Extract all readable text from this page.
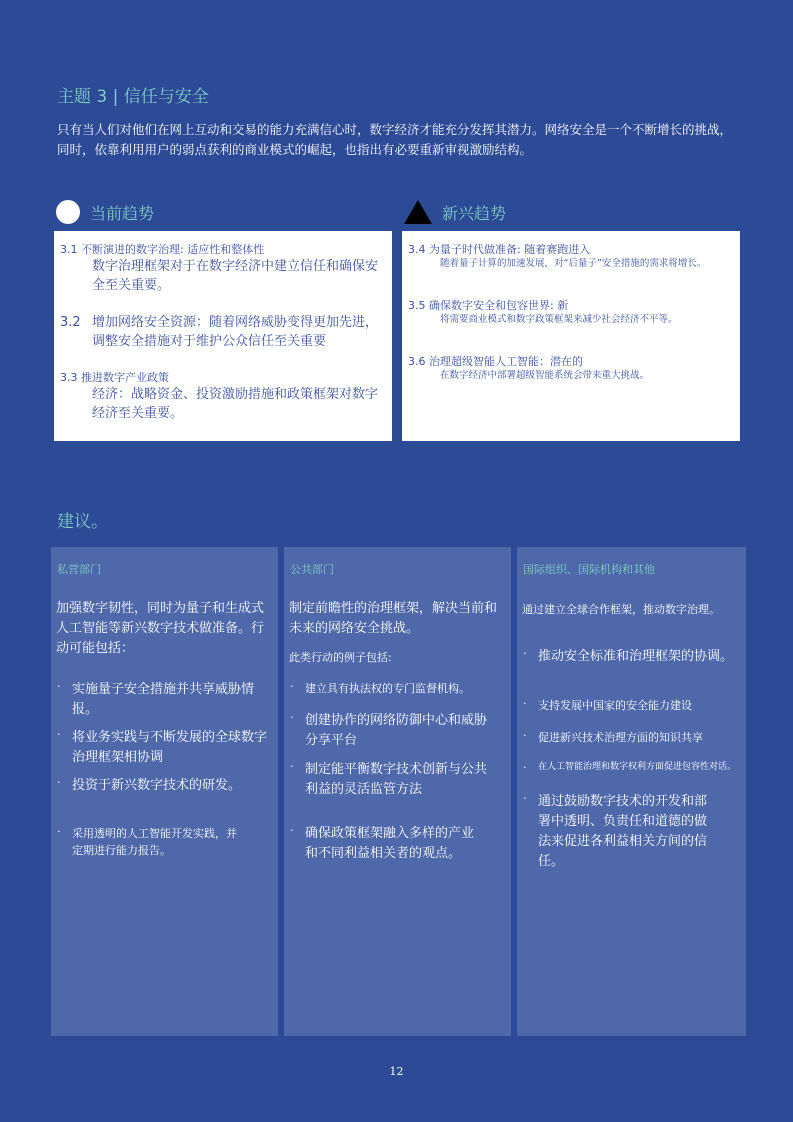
主题 3 | 信任与安全
只有当人们对他们在网上互动和交易的能力充满信心时，数字经济才能充分发挥其潜力。网络安全是一个不断增长的挑战，同时，依靠利用用户的弱点获利的商业模式的崛起，也指出有必要重新审视激励结构。
当前趋势	新兴趋势
3.1 不断演进的数字治理: 适应性和整体性
数字治理框架对于在数字经济中建立信任和确保安全至关重要。
3.2 增加网络安全资源：随着网络威胁变得更加先进，调整安全措施对于维护公众信任至关重要
3.3 推进数字产业政策
经济：战略资金、投资激励措施和政策框架对数字经济至关重要。
3.4 为量子时代做准备: 随着赛跑进入
随着量子计算的加速发展，对“后量子”安全措施的需求将增长。
3.5 确保数字安全和包容世界: 新
将需要商业模式和数字政策框架来减少社会经济不平等。
3.6 治理超级智能人工智能：潜在的
在数字经济中部署超级智能系统会带来重大挑战。
建议。
私营部门
加强数字韧性，同时为量子和生成式人工智能等新兴数字技术做准备。行动可能包括：
· 实施量子安全措施并共享威胁情报。
· 将业务实践与不断发展的全球数字治理框架相协调
· 投资于新兴数字技术的研发。
·	采用透明的人工智能开发实践，并定期进行能力报告。
公共部门
制定前瞻性的治理框架，解决当前和未来的网络安全挑战。
此类行动的例子包括:
·	建立具有执法权的专门监督机构。
· 创建协作的网络防御中心和威胁分享平台
· 制定能平衡数字技术创新与公共利益的灵活监管方法
· 确保政策框架融入多样的产业和不同利益相关者的观点。
国际组织、国际机构和其他
通过建立全球合作框架，推动数字治理。
· 推动安全标准和治理框架的协调。
·	支持发展中国家的安全能力建设
·	促进新兴技术治理方面的知识共享
·	在人工智能治理和数字权利方面促进包容性对话。
· 通过鼓励数字技术的开发和部署中透明、负责任和道德的做法来促进各利益相关方间的信任。
12
